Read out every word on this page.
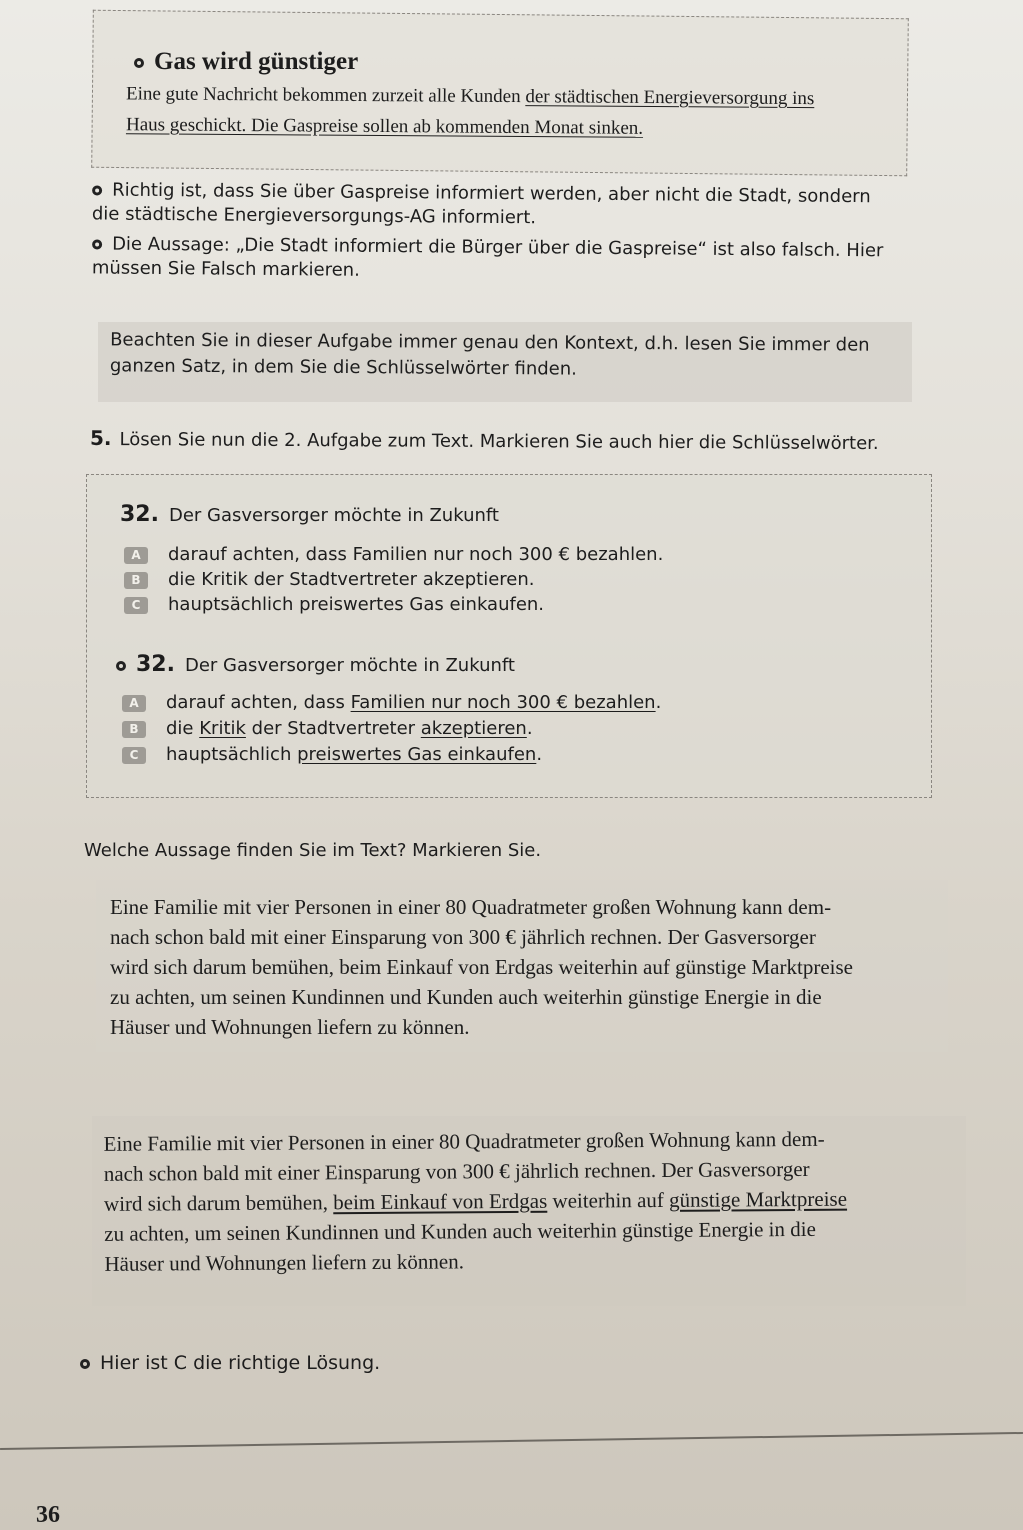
Gas wird günstiger
Eine gute Nachricht bekommen zurzeit alle Kunden der städtischen Energieversorgung ins
Haus geschickt. Die Gaspreise sollen ab kommenden Monat sinken.
Richtig ist, dass Sie über Gaspreise informiert werden, aber nicht die Stadt, sondern
die städtische Energieversorgungs-AG informiert.
Die Aussage: „Die Stadt informiert die Bürger über die Gaspreise“ ist also falsch. Hier
müssen Sie Falsch markieren.
Beachten Sie in dieser Aufgabe immer genau den Kontext, d.h. lesen Sie immer den
ganzen Satz, in dem Sie die Schlüsselwörter finden.
5. Lösen Sie nun die 2. Aufgabe zum Text. Markieren Sie auch hier die Schlüsselwörter.
32. Der Gasversorger möchte in Zukunft
A darauf achten, dass Familien nur noch 300 € bezahlen.
B die Kritik der Stadtvertreter akzeptieren.
C hauptsächlich preiswertes Gas einkaufen.
32. Der Gasversorger möchte in Zukunft
A darauf achten, dass Familien nur noch 300 € bezahlen.
B die Kritik der Stadtvertreter akzeptieren.
C hauptsächlich preiswertes Gas einkaufen.
Welche Aussage finden Sie im Text? Markieren Sie.
Eine Familie mit vier Personen in einer 80 Quadratmeter großen Wohnung kann dem-
nach schon bald mit einer Einsparung von 300 € jährlich rechnen. Der Gasversorger
wird sich darum bemühen, beim Einkauf von Erdgas weiterhin auf günstige Marktpreise
zu achten, um seinen Kundinnen und Kunden auch weiterhin günstige Energie in die
Häuser und Wohnungen liefern zu können.
Eine Familie mit vier Personen in einer 80 Quadratmeter großen Wohnung kann dem-
nach schon bald mit einer Einsparung von 300 € jährlich rechnen. Der Gasversorger
wird sich darum bemühen, beim Einkauf von Erdgas weiterhin auf günstige Marktpreise
zu achten, um seinen Kundinnen und Kunden auch weiterhin günstige Energie in die
Häuser und Wohnungen liefern zu können.
Hier ist C die richtige Lösung.
36
